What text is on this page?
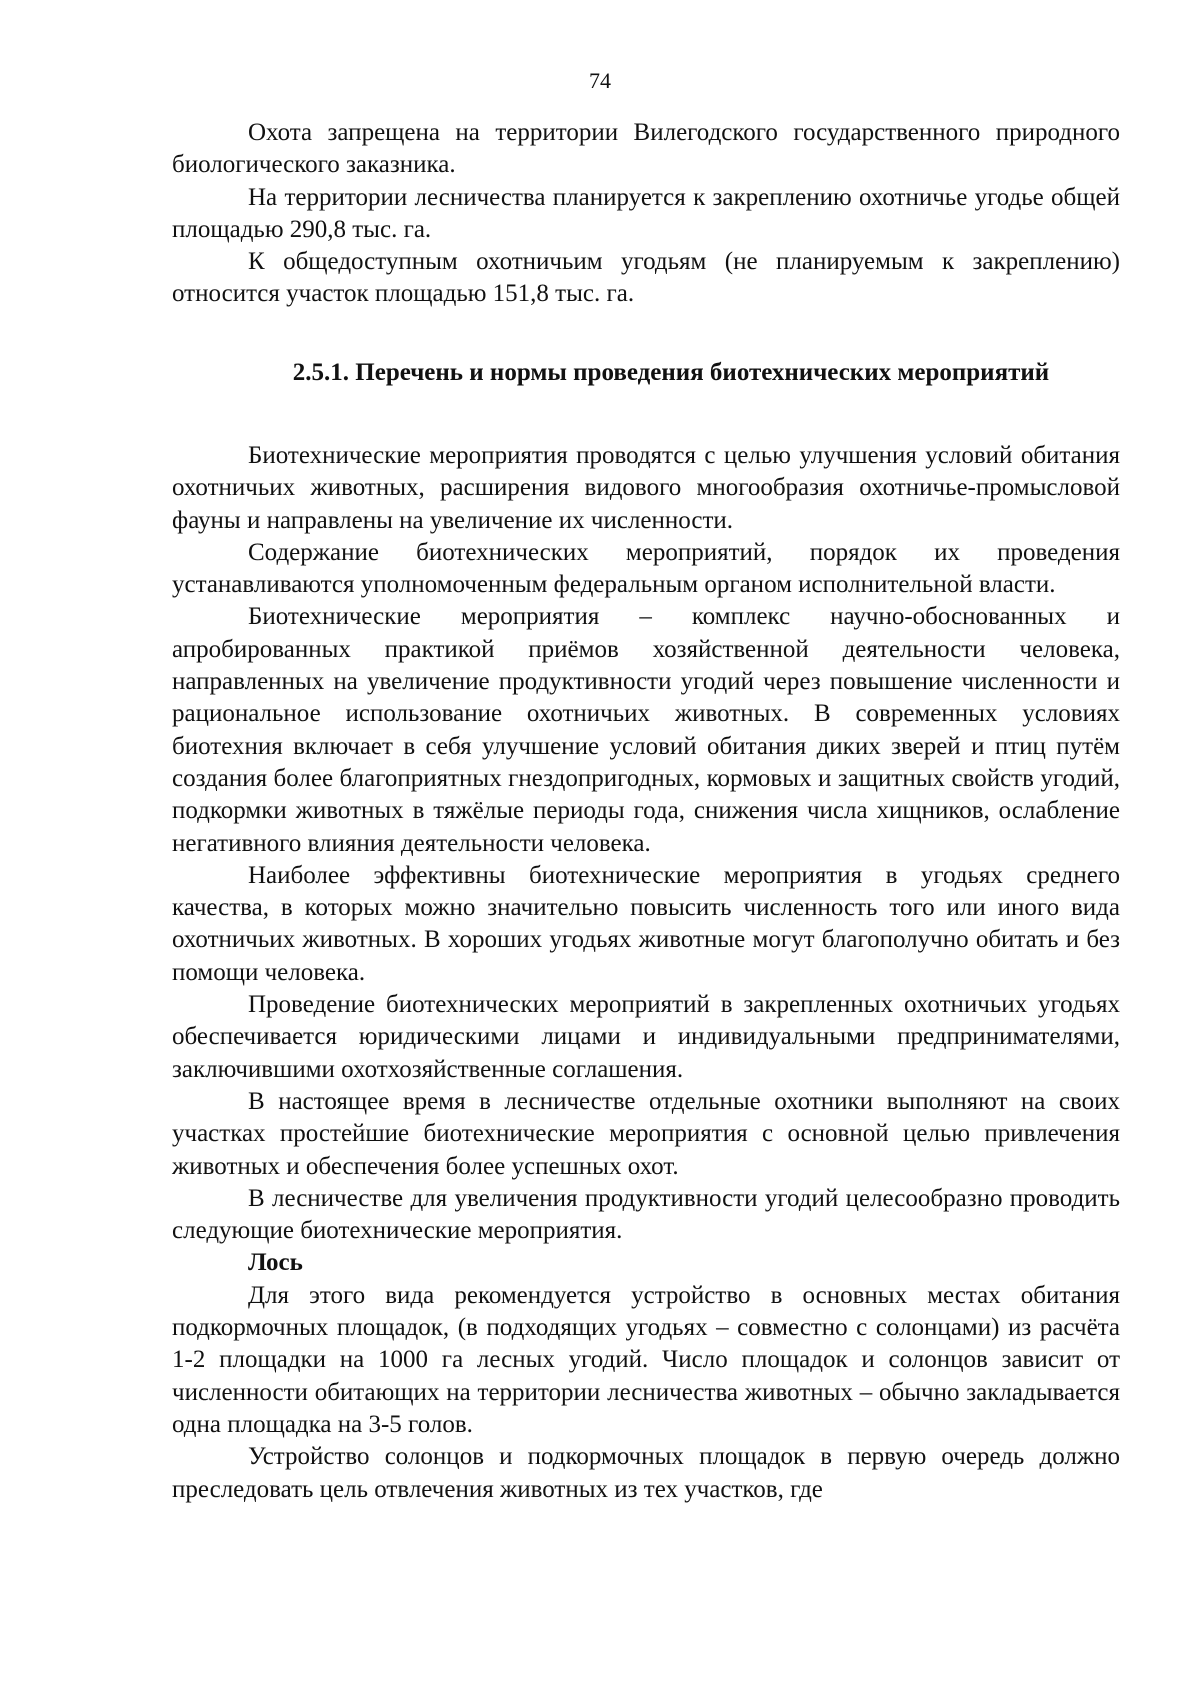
74

Охота запрещена на территории Вилегодского государственного природного биологического заказника.

На территории лесничества планируется к закреплению охотничье угодье общей площадью 290,8 тыс. га.

К общедоступным охотничьим угодьям (не планируемым к закреплению) относится участок площадью 151,8 тыс. га.

2.5.1. Перечень и нормы проведения биотехнических мероприятий

Биотехнические мероприятия проводятся с целью улучшения условий обитания охотничьих животных, расширения видового многообразия охотничье-промысловой фауны и направлены на увеличение их численности.

Содержание биотехнических мероприятий, порядок их проведения устанавливаются уполномоченным федеральным органом исполнительной власти.

Биотехнические мероприятия – комплекс научно-обоснованных и апробированных практикой приёмов хозяйственной деятельности человека, направленных на увеличение продуктивности угодий через повышение численности и рациональное использование охотничьих животных. В современных условиях биотехния включает в себя улучшение условий обитания диких зверей и птиц путём создания более благоприятных гнездопригодных, кормовых и защитных свойств угодий, подкормки животных в тяжёлые периоды года, снижения числа хищников, ослабление негативного влияния деятельности человека.

Наиболее эффективны биотехнические мероприятия в угодьях среднего качества, в которых можно значительно повысить численность того или иного вида охотничьих животных. В хороших угодьях животные могут благополучно обитать и без помощи человека.

Проведение биотехнических мероприятий в закрепленных охотничьих угодьях обеспечивается юридическими лицами и индивидуальными предпринимателями, заключившими охотхозяйственные соглашения.

В настоящее время в лесничестве отдельные охотники выполняют на своих участках простейшие биотехнические мероприятия с основной целью привлечения животных и обеспечения более успешных охот.

В лесничестве для увеличения продуктивности угодий целесообразно проводить следующие биотехнические мероприятия.

Лось

Для этого вида рекомендуется устройство в основных местах обитания подкормочных площадок, (в подходящих угодьях – совместно с солонцами) из расчёта 1-2 площадки на 1000 га лесных угодий. Число площадок и солонцов зависит от численности обитающих на территории лесничества животных – обычно закладывается одна площадка на 3-5 голов.

Устройство солонцов и подкормочных площадок в первую очередь должно преследовать цель отвлечения животных из тех участков, где
